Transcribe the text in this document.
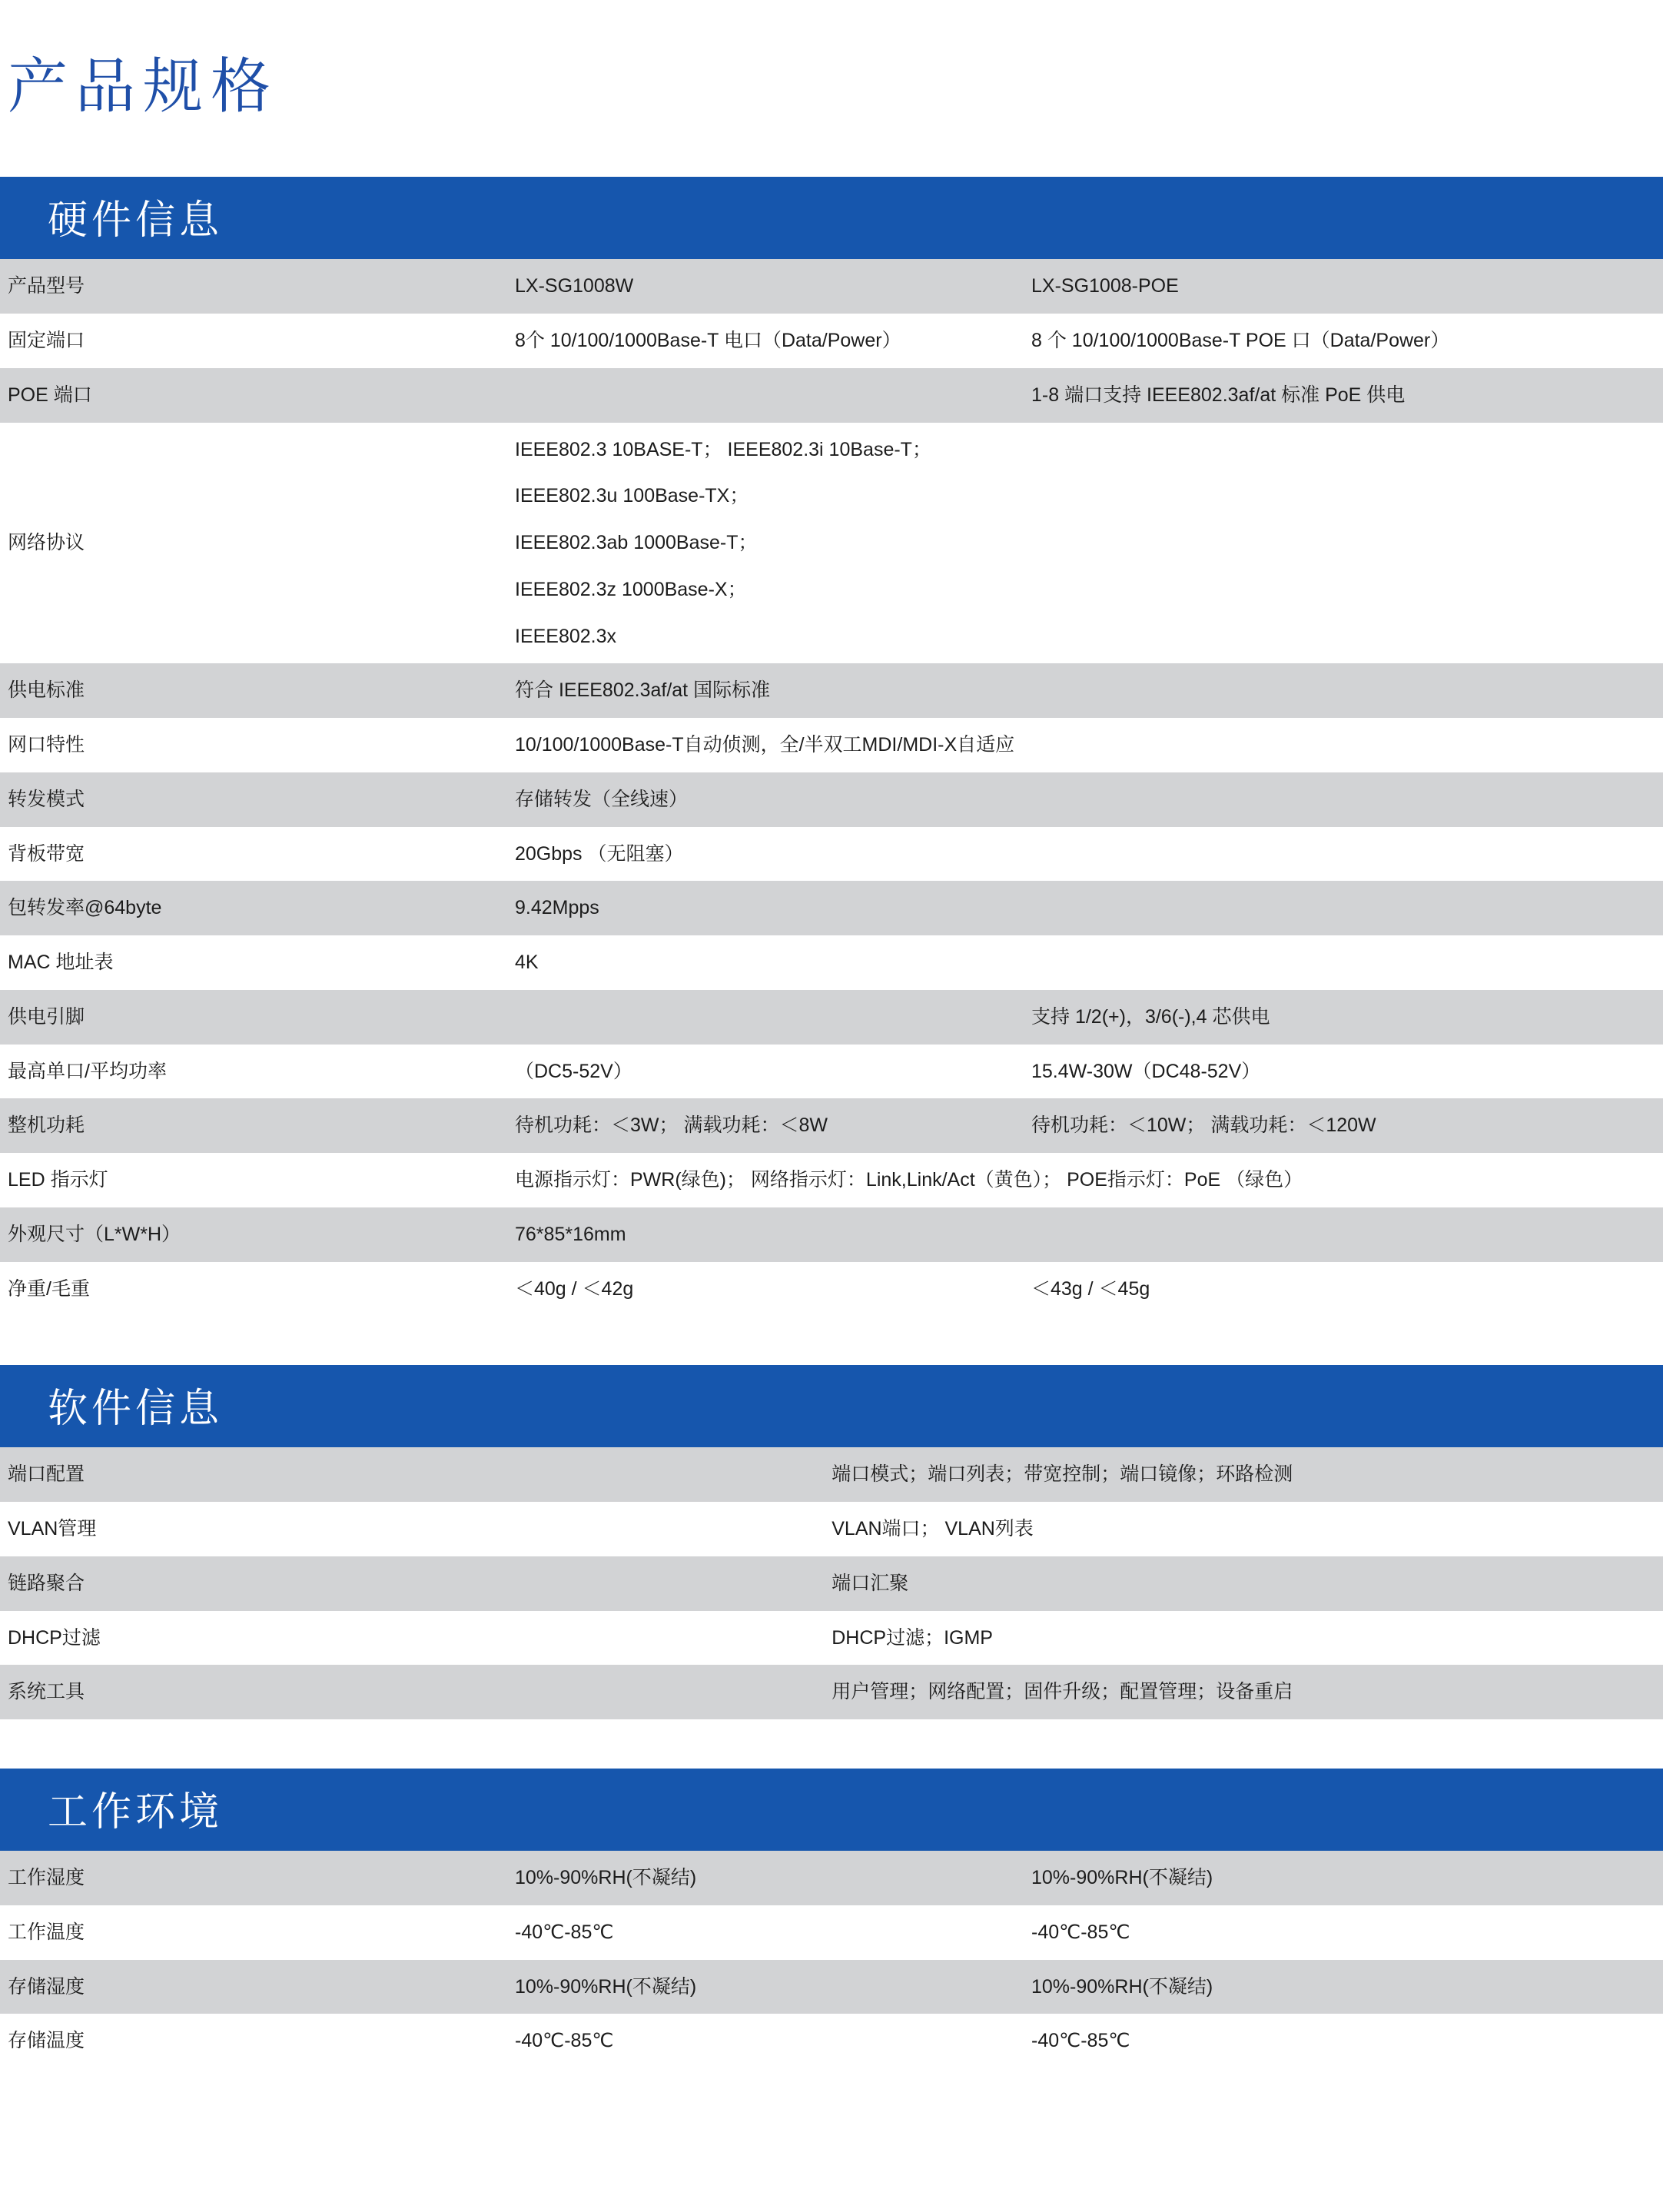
产品规格
硬件信息
产品型号	LX-SG1008W	LX-SG1008-POE
固定端口	8个 10/100/1000Base-T 电口（Data/Power）	8 个 10/100/1000Base-T POE 口（Data/Power）
POE 端口		1-8 端口支持 IEEE802.3af/at 标准 PoE 供电
网络协议	IEEE802.3 10BASE-T； IEEE802.3i 10Base-T；

IEEE802.3u 100Base-TX；

IEEE802.3ab 1000Base-T；

IEEE802.3z 1000Base-X；

IEEE802.3x	

供电标准	符合 IEEE802.3af/at 国际标准	
网口特性	10/100/1000Base-T自动侦测，全/半双工MDI/MDI-X自适应	
转发模式	存储转发（全线速）	
背板带宽	20Gbps （无阻塞）	
包转发率@64byte	9.42Mpps	
MAC 地址表	4K	
供电引脚		支持 1/2(+)，3/6(-),4 芯供电
最高单口/平均功率	（DC5-52V）	15.4W-30W（DC48-52V）
整机功耗	待机功耗：＜3W； 满载功耗：＜8W	待机功耗：＜10W； 满载功耗：＜120W
LED 指示灯	电源指示灯：PWR(绿色)； 网络指示灯：Link,Link/Act（黄色）； POE指示灯：PoE （绿色）	
外观尺寸（L*W*H）	76*85*16mm	
净重/毛重	＜40g / ＜42g	＜43g / ＜45g
软件信息
端口配置	端口模式；端口列表；带宽控制；端口镜像；环路检测
VLAN管理	VLAN端口； VLAN列表
链路聚合	端口汇聚
DHCP过滤	DHCP过滤；IGMP
系统工具	用户管理；网络配置；固件升级；配置管理；设备重启
工作环境
工作湿度	10%-90%RH(不凝结)	10%-90%RH(不凝结)
工作温度	-40℃-85℃	-40℃-85℃
存储湿度	10%-90%RH(不凝结)	10%-90%RH(不凝结)
存储温度	-40℃-85℃	-40℃-85℃
